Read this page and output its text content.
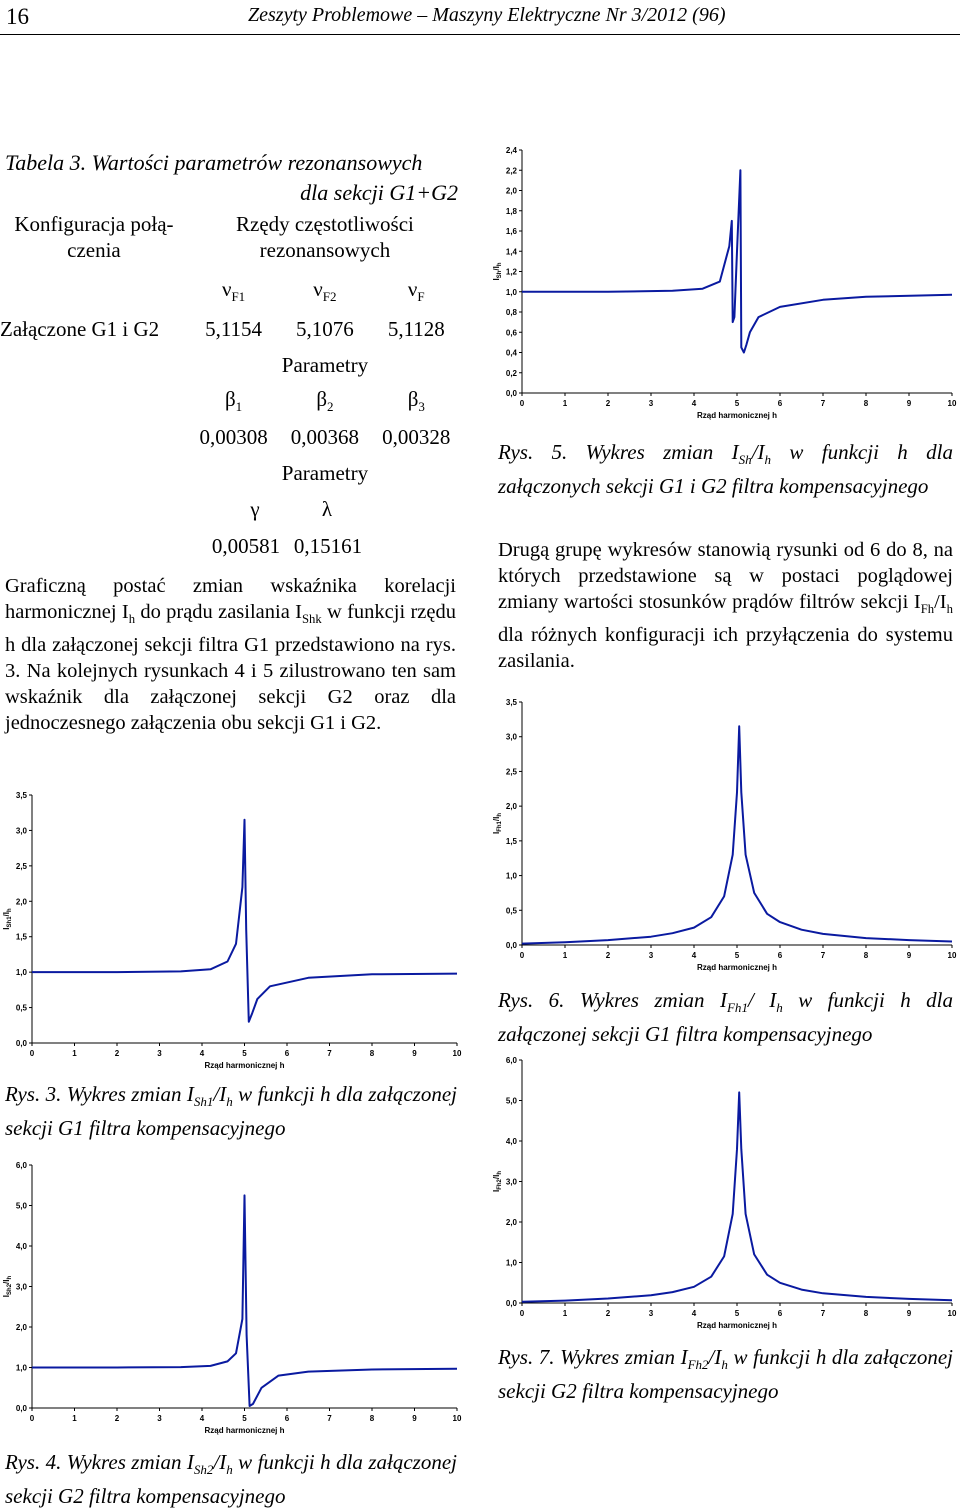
16	Zeszyty Problemowe – Maszyny Elektryczne Nr 3/2012 (96)
Tabela 3. Wartości parametrów rezonansowych
dla sekcji G1+G2
Konfiguracja połą-
czenia	Rzędy częstotliwości
rezonansowych		
	$\nu_{F1}$	$\nu_{F2}$	$\nu_F$
Załączone G1 i G2	5,1154	5,1076	5,1128
	Parametry		
	$\beta_1$	$\beta_2$	$\beta_3$
	0,00308	0,00368	0,00328
	Parametry		
γ	λ
0,00581 0,15161
Graficzną postać zmian wskaźnika korelacji harmonicznej $I_h$ do prądu zasilania $I_{Shk}$ w funkcji rzędu h dla załączonej sekcji filtra G1 przedstawiono na rys. 3. Na kolejnych rysunkach 4 i 5 zilustrowano ten sam wskaźnik dla załączonej sekcji G2 oraz dla jednoczesnego załączenia obu sekcji G1 i G2.
Drugą grupę wykresów stanowią rysunki od 6 do 8, na których przedstawione są w postaci poglądowej zmiany wartości stosunków prądów filtrów sekcji $I_{Fh}/I_h$ dla różnych konfiguracji ich przyłączenia do systemu zasilania.
0,0
0,5
1,0
1,5
2,0
2,5
3,0
3,5
0	1	2	3	4	5	6	7	8	9	10
Rząd harmonicznej h
$I_{Sh1}/I_h$
0,0
1,0
2,0
3,0
4,0
5,0
6,0
0	1	2	3	4	5	6	7	8	9	10
Rząd harmonicznej h
$I_{Sh2}/I_h$
0,0
0,2
0,4
0,6
0,8
1,0
1,2
1,4
1,6
1,8
2,0
2,2
2,4
0	1	2	3	4	5	6	7	8	9	10
Rząd harmonicznej h
$I_{Sh}/I_h$
0,0
0,5
1,0
1,5
2,0
2,5
3,0
3,5
0	1	2	3	4	5	6	7	8	9	10
Rząd harmonicznej h
$I_{Fh1}/I_h$
0,0
1,0
2,0
3,0
4,0
5,0
6,0
0	1	2	3	4	5	6	7	8	9	10
Rząd harmonicznej h
$I_{Fh2}/I_h$
Rys. 3. Wykres zmian $I_{Sh1}/I_h$ w funkcji h dla załączonej sekcji G1 filtra kompensacyjnego
Rys. 4. Wykres zmian $I_{Sh2}/I_h$ w funkcji h dla załączonej sekcji G2 filtra kompensacyjnego
Rys. 5. Wykres zmian $I_{Sh}/I_h$ w funkcji h dla załączonych sekcji G1 i G2 filtra kompensacyjnego
Rys. 6. Wykres zmian $I_{Fh1}/$ $I_h$ w funkcji h dla załączonej sekcji G1 filtra kompensacyjnego
Rys. 7. Wykres zmian $I_{Fh2}/I_h$ w funkcji h dla załączonej sekcji G2 filtra kompensacyjnego
